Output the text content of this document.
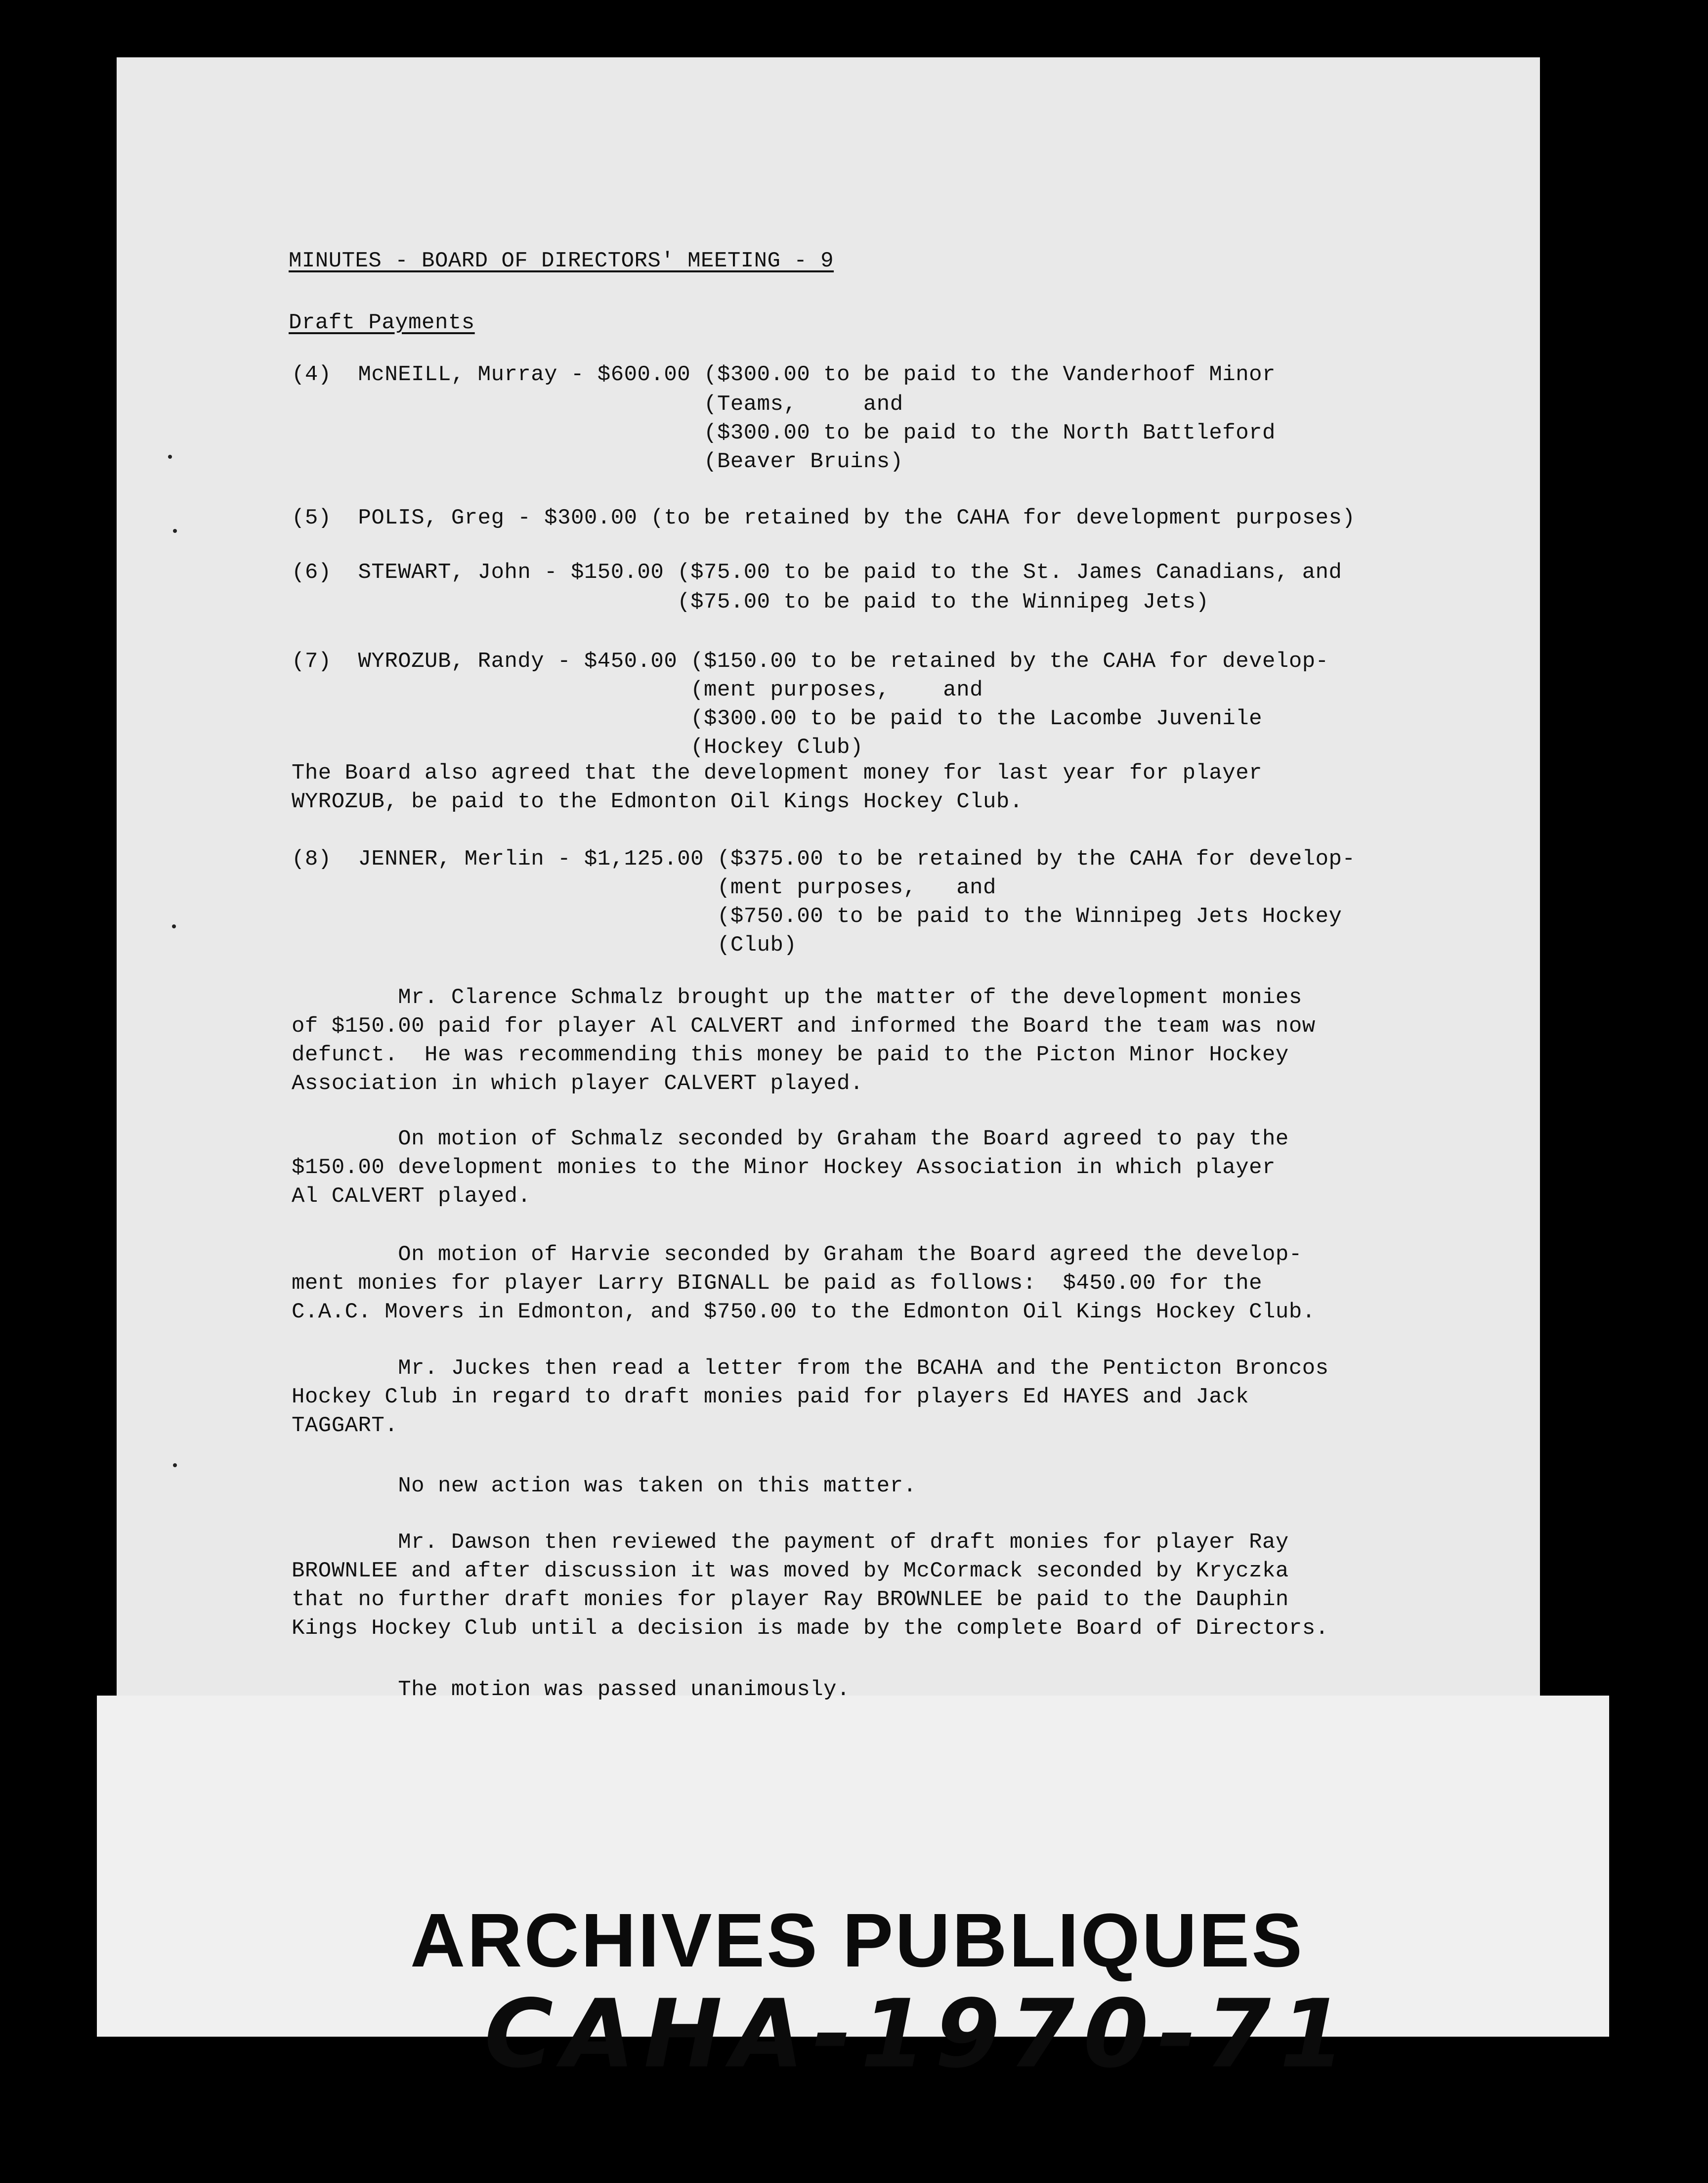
MINUTES - BOARD OF DIRECTORS' MEETING - 9
Draft Payments
(4)  McNEILL, Murray - $600.00 ($300.00 to be paid to the Vanderhoof Minor
(Teams,     and
($300.00 to be paid to the North Battleford
(Beaver Bruins)
(5)  POLIS, Greg - $300.00 (to be retained by the CAHA for development purposes)
(6)  STEWART, John - $150.00 ($75.00 to be paid to the St. James Canadians, and
($75.00 to be paid to the Winnipeg Jets)
(7)  WYROZUB, Randy - $450.00 ($150.00 to be retained by the CAHA for develop-
(ment purposes,    and
($300.00 to be paid to the Lacombe Juvenile
(Hockey Club)
The Board also agreed that the development money for last year for player
WYROZUB, be paid to the Edmonton Oil Kings Hockey Club.
(8)  JENNER, Merlin - $1,125.00 ($375.00 to be retained by the CAHA for develop-
(ment purposes,   and
($750.00 to be paid to the Winnipeg Jets Hockey
(Club)
Mr. Clarence Schmalz brought up the matter of the development monies
of $150.00 paid for player Al CALVERT and informed the Board the team was now
defunct.  He was recommending this money be paid to the Picton Minor Hockey
Association in which player CALVERT played.
On motion of Schmalz seconded by Graham the Board agreed to pay the
$150.00 development monies to the Minor Hockey Association in which player
Al CALVERT played.
On motion of Harvie seconded by Graham the Board agreed the develop-
ment monies for player Larry BIGNALL be paid as follows:  $450.00 for the
C.A.C. Movers in Edmonton, and $750.00 to the Edmonton Oil Kings Hockey Club.
Mr. Juckes then read a letter from the BCAHA and the Penticton Broncos
Hockey Club in regard to draft monies paid for players Ed HAYES and Jack
TAGGART.
No new action was taken on this matter.
Mr. Dawson then reviewed the payment of draft monies for player Ray
BROWNLEE and after discussion it was moved by McCormack seconded by Kryczka
that no further draft monies for player Ray BROWNLEE be paid to the Dauphin
Kings Hockey Club until a decision is made by the complete Board of Directors.
The motion was passed unanimously.
ARCHIVES PUBLIQUES
CAHA-1970-71
